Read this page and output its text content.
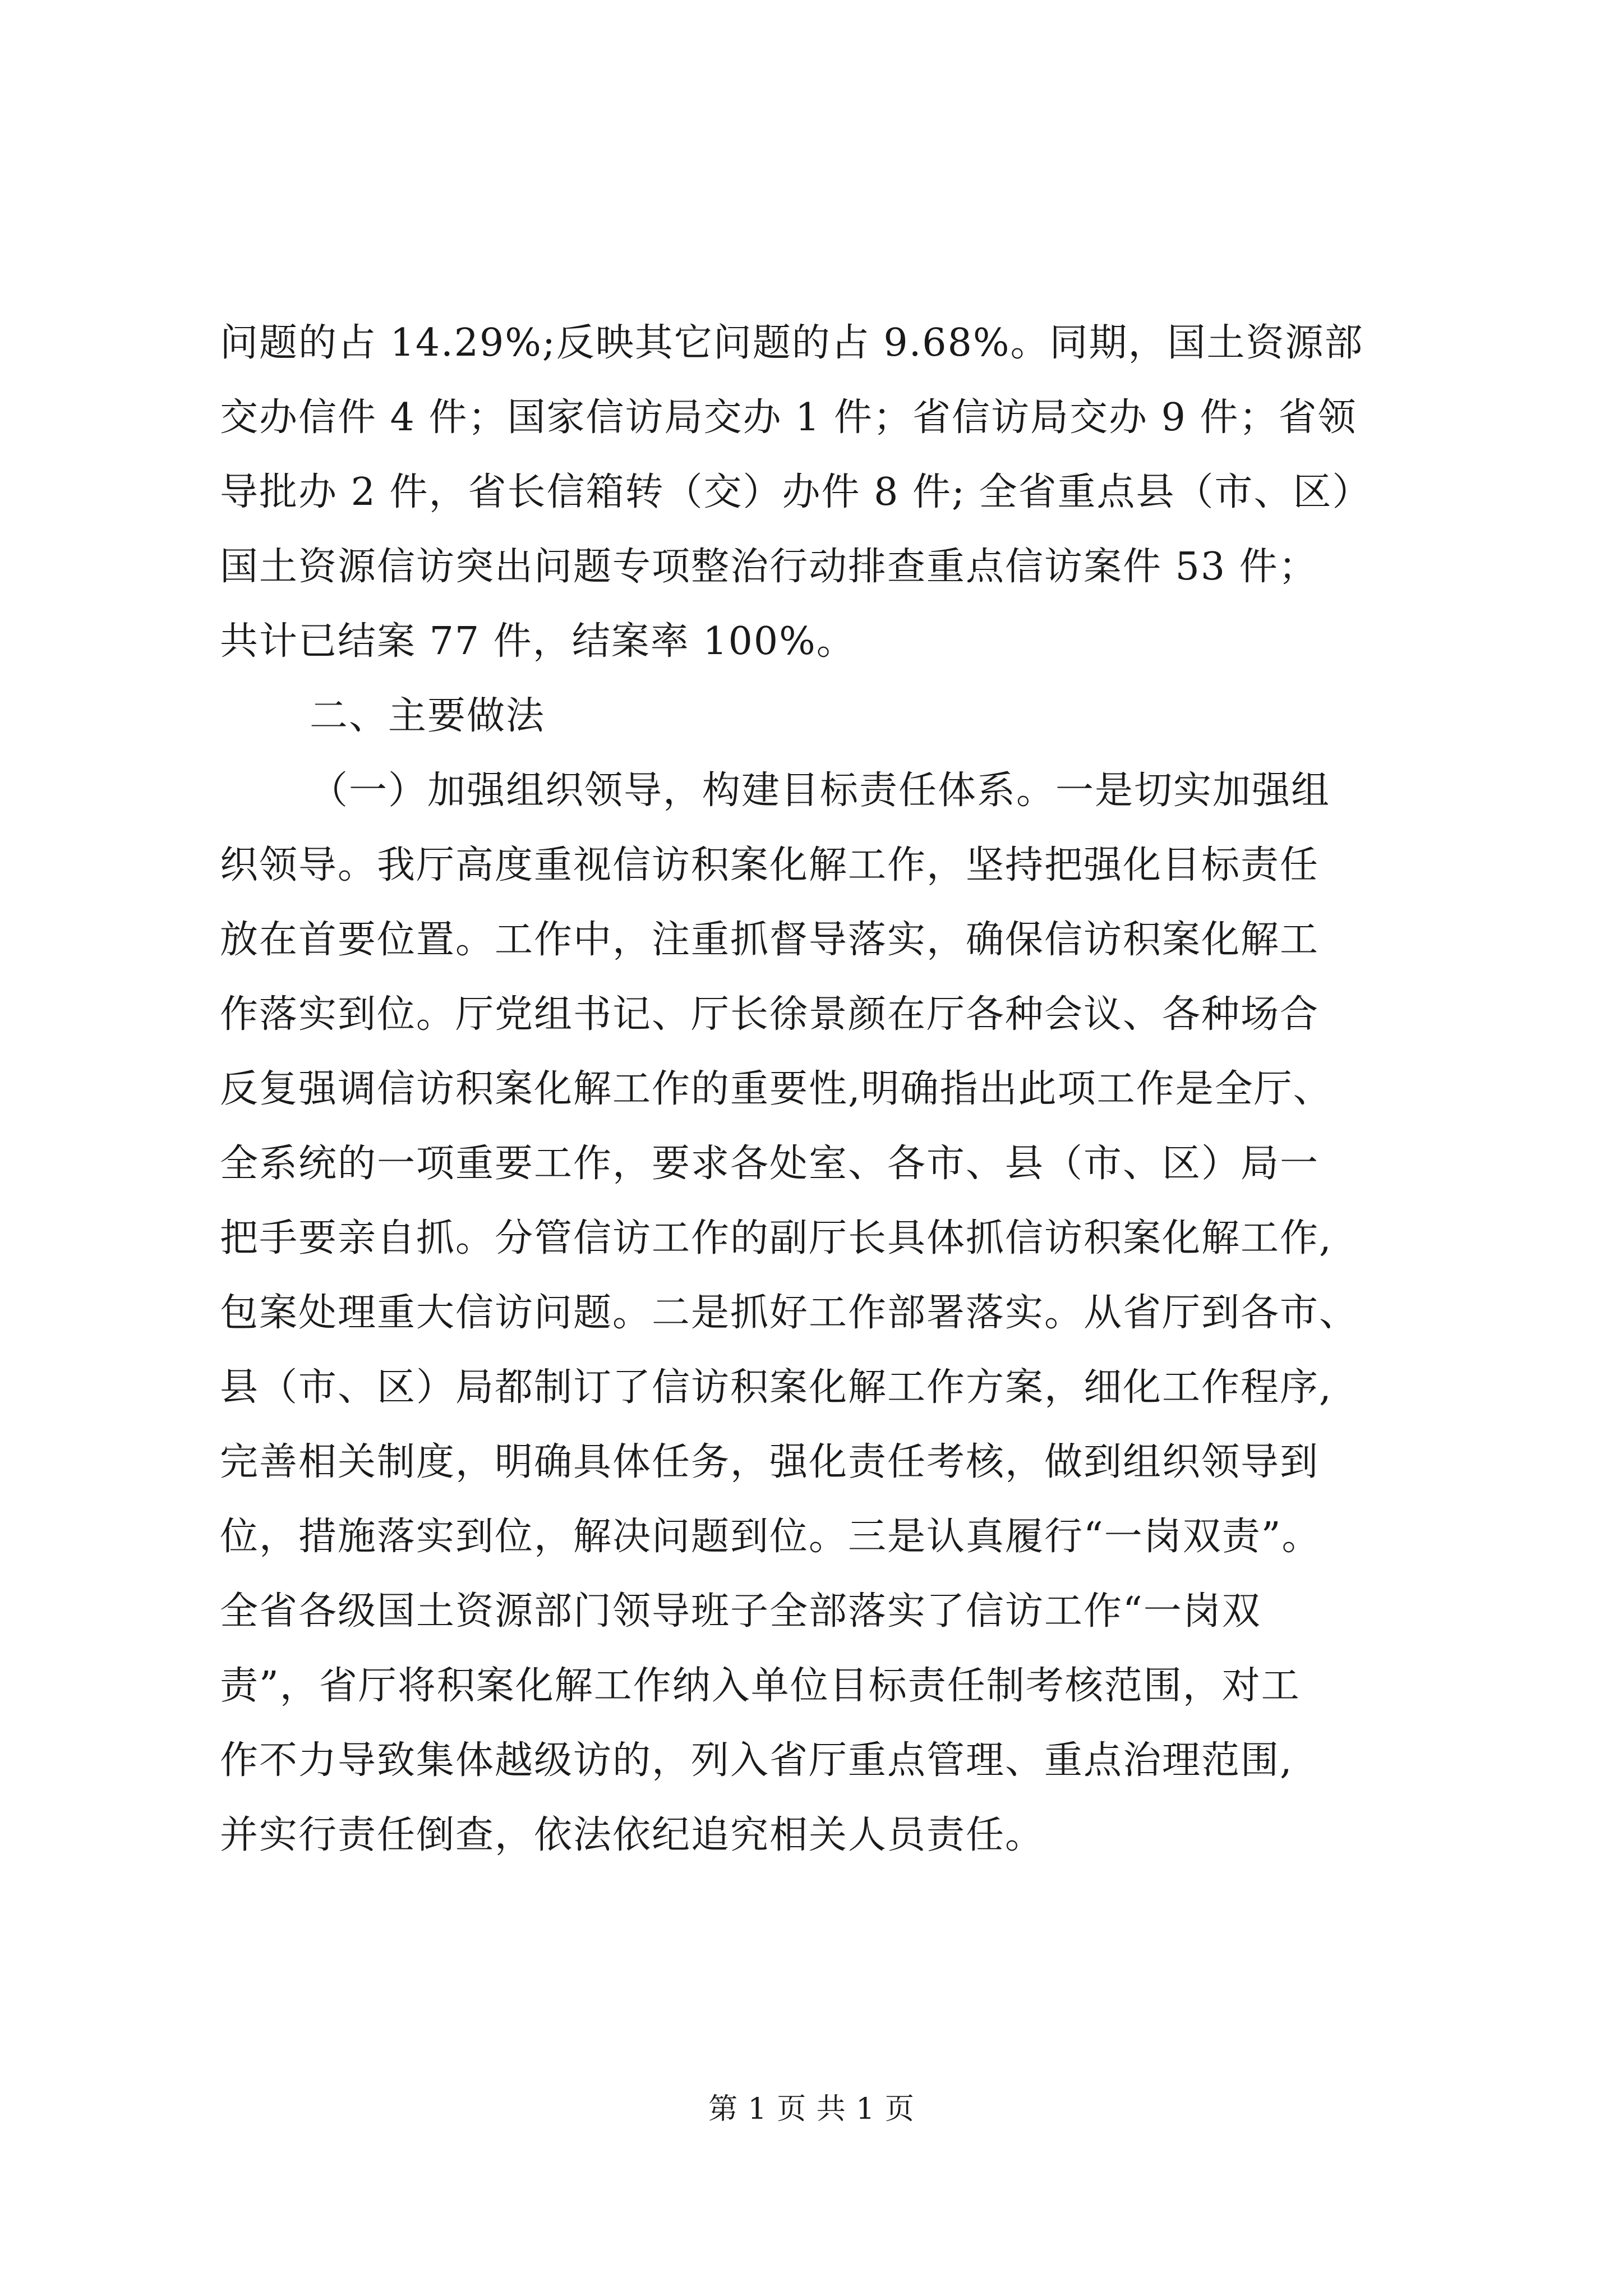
问题的占 14.29%;反映其它问题的占 9.68%。同期，国土资源部
交办信件 4 件；国家信访局交办 1 件；省信访局交办 9 件；省领
导批办 2 件，省长信箱转（交）办件 8 件; 全省重点县（市、区）
国土资源信访突出问题专项整治行动排查重点信访案件 53 件；
共计已结案 77 件，结案率 100%。
二、主要做法
（一）加强组织领导，构建目标责任体系。一是切实加强组
织领导。我厅高度重视信访积案化解工作，坚持把强化目标责任
放在首要位置。工作中，注重抓督导落实，确保信访积案化解工
作落实到位。厅党组书记、厅长徐景颜在厅各种会议、各种场合
反复强调信访积案化解工作的重要性,明确指出此项工作是全厅、
全系统的一项重要工作，要求各处室、各市、县（市、区）局一
把手要亲自抓。分管信访工作的副厅长具体抓信访积案化解工作,
包案处理重大信访问题。二是抓好工作部署落实。从省厅到各市、
县（市、区）局都制订了信访积案化解工作方案，细化工作程序,
完善相关制度，明确具体任务，强化责任考核，做到组织领导到
位，措施落实到位，解决问题到位。三是认真履行“一岗双责”。
全省各级国土资源部门领导班子全部落实了信访工作“一岗双
责”，省厅将积案化解工作纳入单位目标责任制考核范围，对工
作不力导致集体越级访的，列入省厅重点管理、重点治理范围,
并实行责任倒查，依法依纪追究相关人员责任。
第 1 页 共 1 页
